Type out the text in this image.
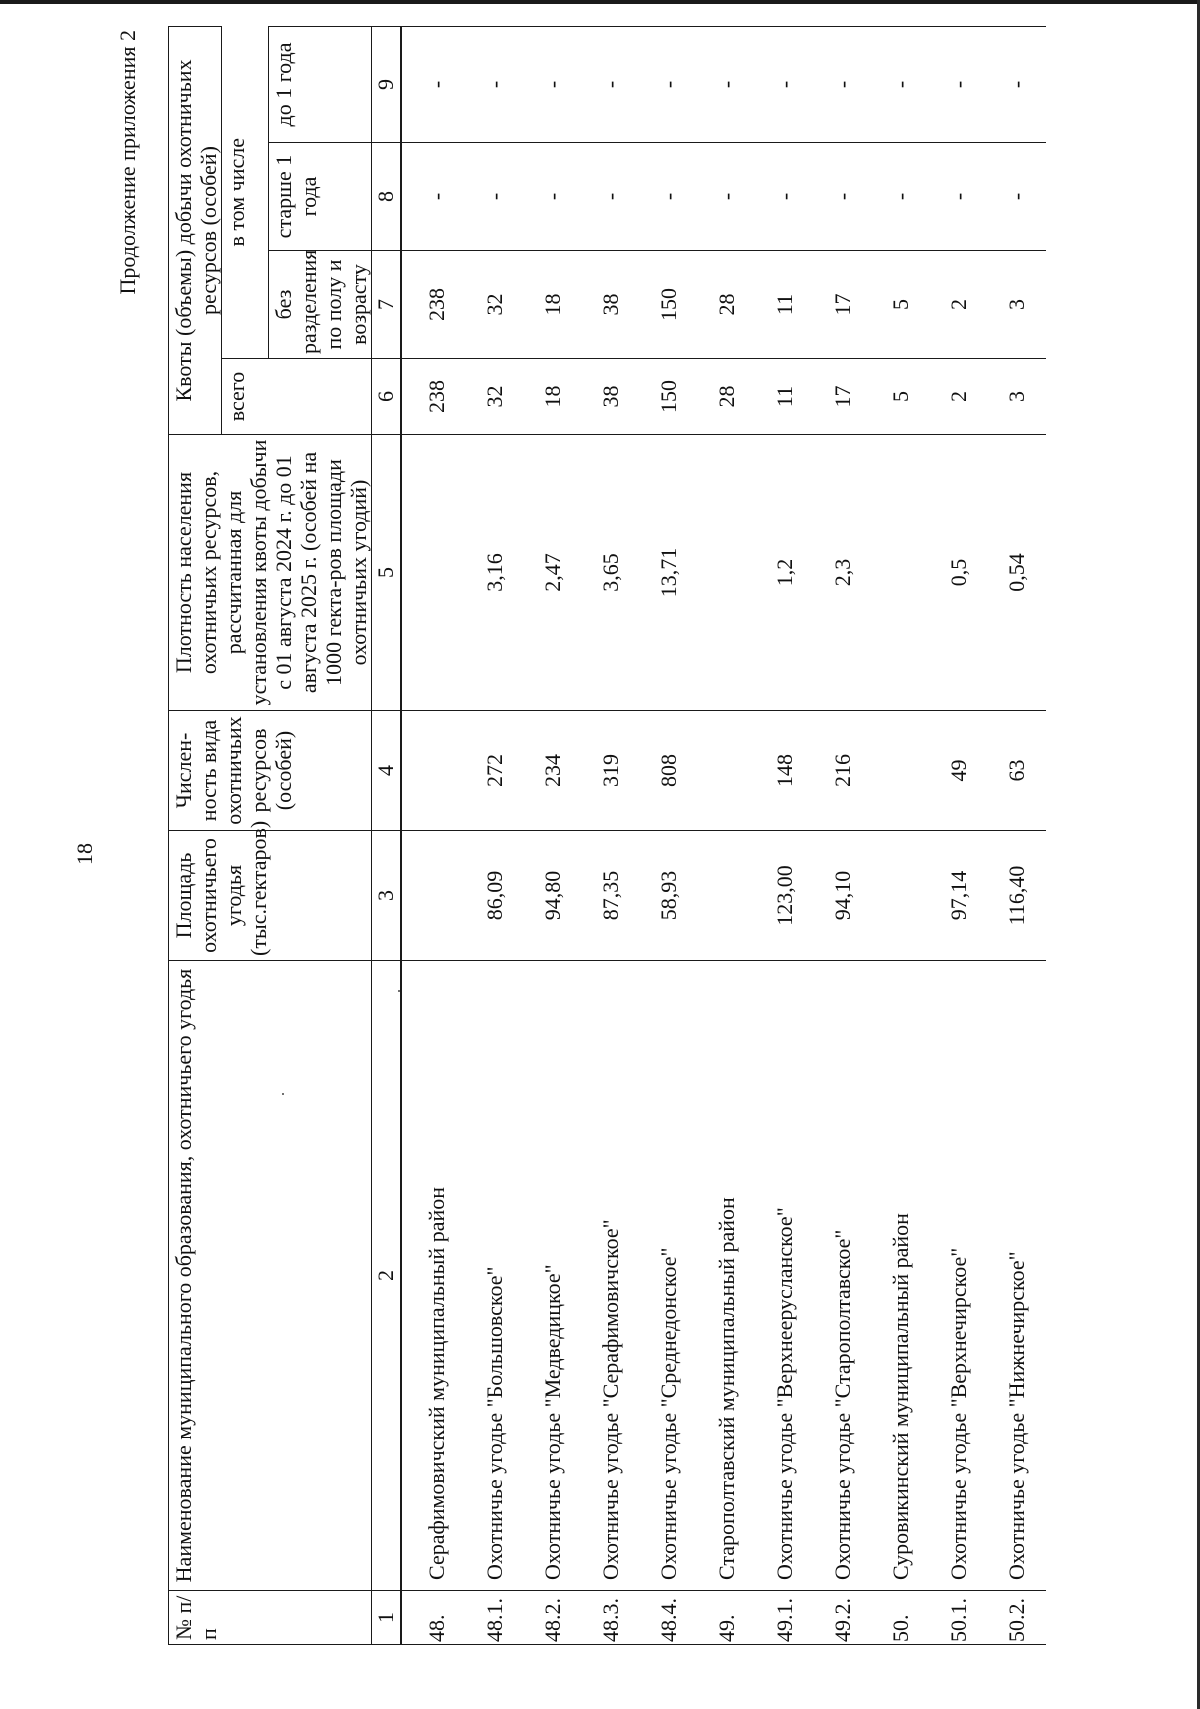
18
Продолжение приложения 2
№ п/п	Наименование муниципального образования, охотничьего угодья	Площадь охотничьего угодья (тыс.гектаров)	Числен-ность вида охотничьих ресурсов (особей)	Плотность населения охотничьих ресурсов, рассчитанная для установления квоты добычи с 01 августа 2024 г. до 01 августа 2025 г. (особей на 1000 гекта-ров площади охотничьих угодий)	Квоты (объемы) добычи охотничьих ресурсов (особей)			
					всего	в том числе		
						без разделения по полу и возрасту	старше 1 года	до 1 года
1	2	3	4	5	6	7	8	9
48.	Серафимовичский муниципальный район				238	238	-	-
48.1.	Охотничье угодье "Большовское"	86,09	272	3,16	32	32	-	-
48.2.	Охотничье угодье "Медведицкое"	94,80	234	2,47	18	18	-	-
48.3.	Охотничье угодье "Серафимовичское"	87,35	319	3,65	38	38	-	-
48.4.	Охотничье угодье "Среднедонское"	58,93	808	13,71	150	150	-	-
49.	Старополтавский муниципальный район				28	28	-	-
49.1.	Охотничье угодье "Верхнеерусланское"	123,00	148	1,2	11	11	-	-
49.2.	Охотничье угодье "Старополтавское"	94,10	216	2,3	17	17	-	-
50.	Суровикинский муниципальный район				5	5	-	-
50.1.	Охотничье угодье "Верхнечирское"	97,14	49	0,5	2	2	-	-
50.2.	Охотничье угодье "Нижнечирское"	116,40	63	0,54	3	3	-	-
